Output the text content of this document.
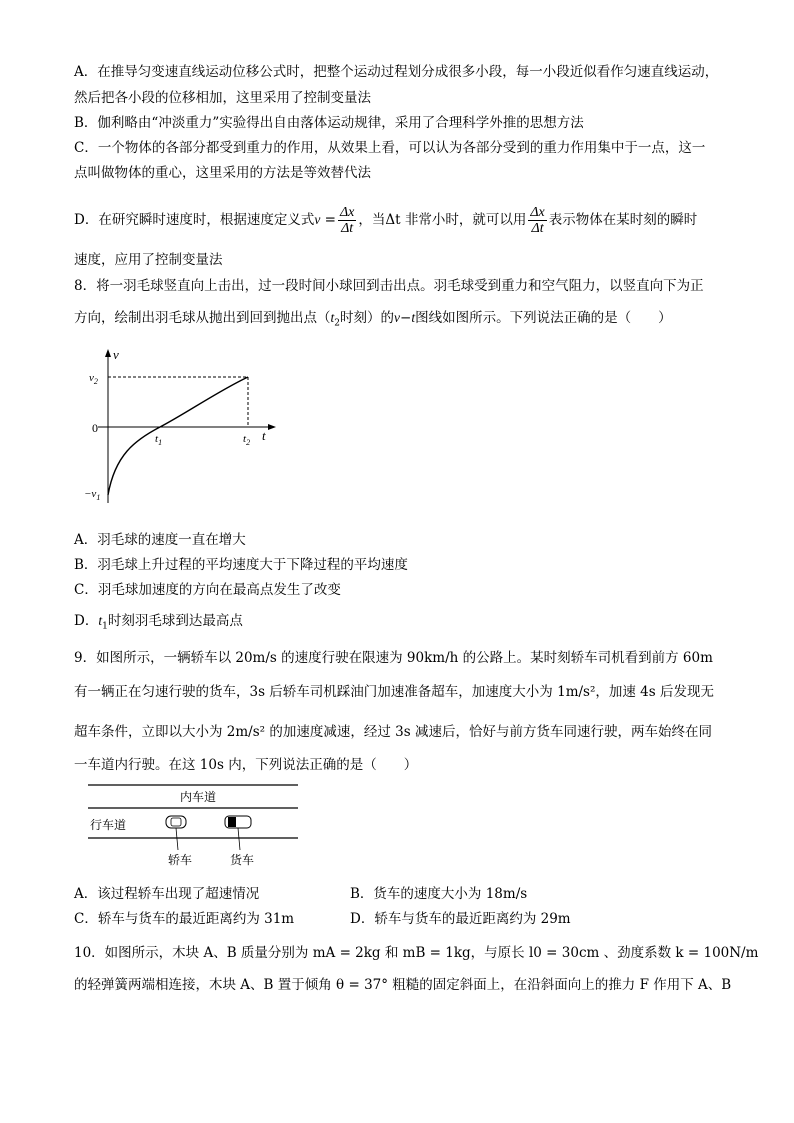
A．在推导匀变速直线运动位移公式时，把整个运动过程划分成很多小段，每一小段近似看作匀速直线运动，
然后把各小段的位移相加，这里采用了控制变量法
B．伽利略由“冲淡重力”实验得出自由落体运动规律，采用了合理科学外推的思想方法
C．一个物体的各部分都受到重力的作用，从效果上看，可以认为各部分受到的重力作用集中于一点，这一
点叫做物体的重心，这里采用的方法是等效替代法
D．在研究瞬时速度时，根据速度定义式$v = \frac{\Delta x}{\Delta t}$ ，当Δt 非常小时，就可以用 $\frac{\Delta x}{\Delta t}$ 表示物体在某时刻的瞬时
速度，应用了控制变量法
8．将一羽毛球竖直向上击出，过一段时间小球回到击出点。羽毛球受到重力和空气阻力，以竖直向下为正
方向，绘制出羽毛球从抛出到回到抛出点（$t_2$时刻）的v−t图线如图所示。下列说法正确的是（　　）
v
t
0
$v_2$
$-v_1$
$t_1$	$t_2$
A．羽毛球的速度一直在增大
B．羽毛球上升过程的平均速度大于下降过程的平均速度
C．羽毛球加速度的方向在最高点发生了改变
D．$t_1$时刻羽毛球到达最高点
9．如图所示，一辆轿车以 20m/s 的速度行驶在限速为 90km/h 的公路上。某时刻轿车司机看到前方 60m
有一辆正在匀速行驶的货车，3s 后轿车司机踩油门加速准备超车，加速度大小为 1m/s²，加速 4s 后发现无
超车条件，立即以大小为 2m/s² 的加速度减速，经过 3s 减速后，恰好与前方货车同速行驶，两车始终在同
一车道内行驶。在这 10s 内，下列说法正确的是（　　）
内车道
行车道
轿车	货车
A．该过程轿车出现了超速情况	B．货车的速度大小为 18m/s
C．轿车与货车的最近距离约为 31m	D．轿车与货车的最近距离约为 29m
10．如图所示，木块 A、B 质量分别为 mA = 2kg 和 mB = 1kg，与原长 l0 = 30cm 、劲度系数 k = 100N/m
的轻弹簧两端相连接，木块 A、B 置于倾角 θ = 37° 粗糙的固定斜面上，在沿斜面向上的推力 F 作用下 A、B
